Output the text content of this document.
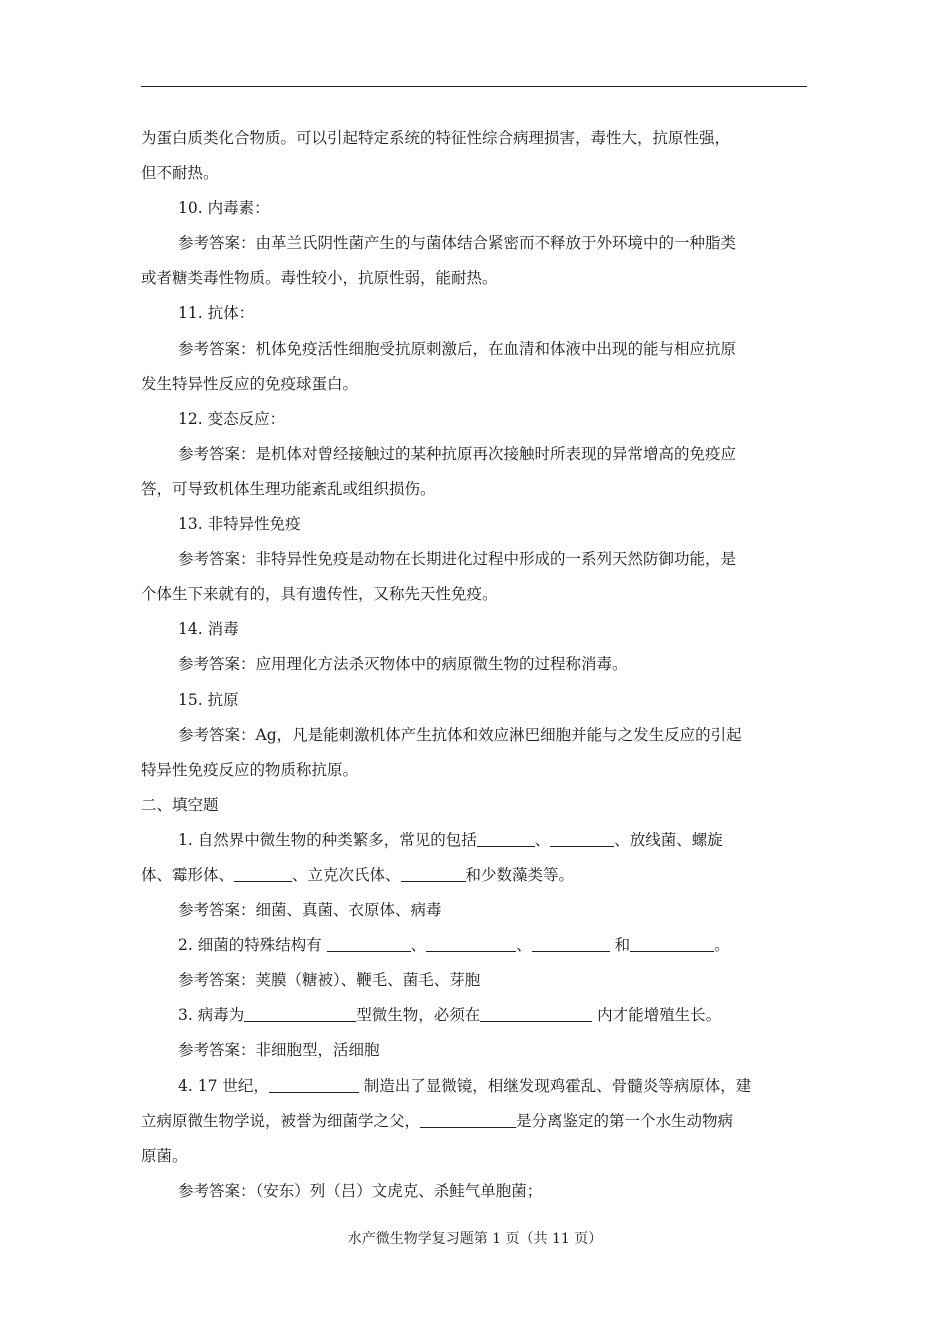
为蛋白质类化合物质。可以引起特定系统的特征性综合病理损害，毒性大，抗原性强，
但不耐热。
10. 内毒素：
参考答案：由革兰氏阴性菌产生的与菌体结合紧密而不释放于外环境中的一种脂类
或者糖类毒性物质。毒性较小，抗原性弱，能耐热。
11. 抗体：
参考答案：机体免疫活性细胞受抗原刺激后，在血清和体液中出现的能与相应抗原
发生特异性反应的免疫球蛋白。
12. 变态反应：
参考答案：是机体对曾经接触过的某种抗原再次接触时所表现的异常增高的免疫应
答，可导致机体生理功能紊乱或组织损伤。
13. 非特异性免疫
参考答案：非特异性免疫是动物在长期进化过程中形成的一系列天然防御功能，是
个体生下来就有的，具有遗传性，又称先天性免疫。
14. 消毒
参考答案：应用理化方法杀灭物体中的病原微生物的过程称消毒。
15. 抗原
参考答案：Ag，凡是能刺激机体产生抗体和效应淋巴细胞并能与之发生反应的引起
特异性免疫反应的物质称抗原。
二、填空题
1. 自然界中微生物的种类繁多，常见的包括	、	、放线菌、螺旋
体、霉形体、	、立克次氏体、	和少数藻类等。
参考答案：细菌、真菌、衣原体、病毒
2. 细菌的特殊结构有	、	、	和	。
参考答案：荚膜（糖被）、鞭毛、菌毛、芽胞
3. 病毒为	型微生物，必须在	内才能增殖生长。
参考答案：非细胞型，活细胞
4. 17 世纪，	制造出了显微镜，相继发现鸡霍乱、骨髓炎等病原体，建
立病原微生物学说，被誉为细菌学之父，	是分离鉴定的第一个水生动物病
原菌。
参考答案：（安东）列（吕）文虎克、杀鲑气单胞菌；
水产微生物学复习题第 1 页（共 11 页）
